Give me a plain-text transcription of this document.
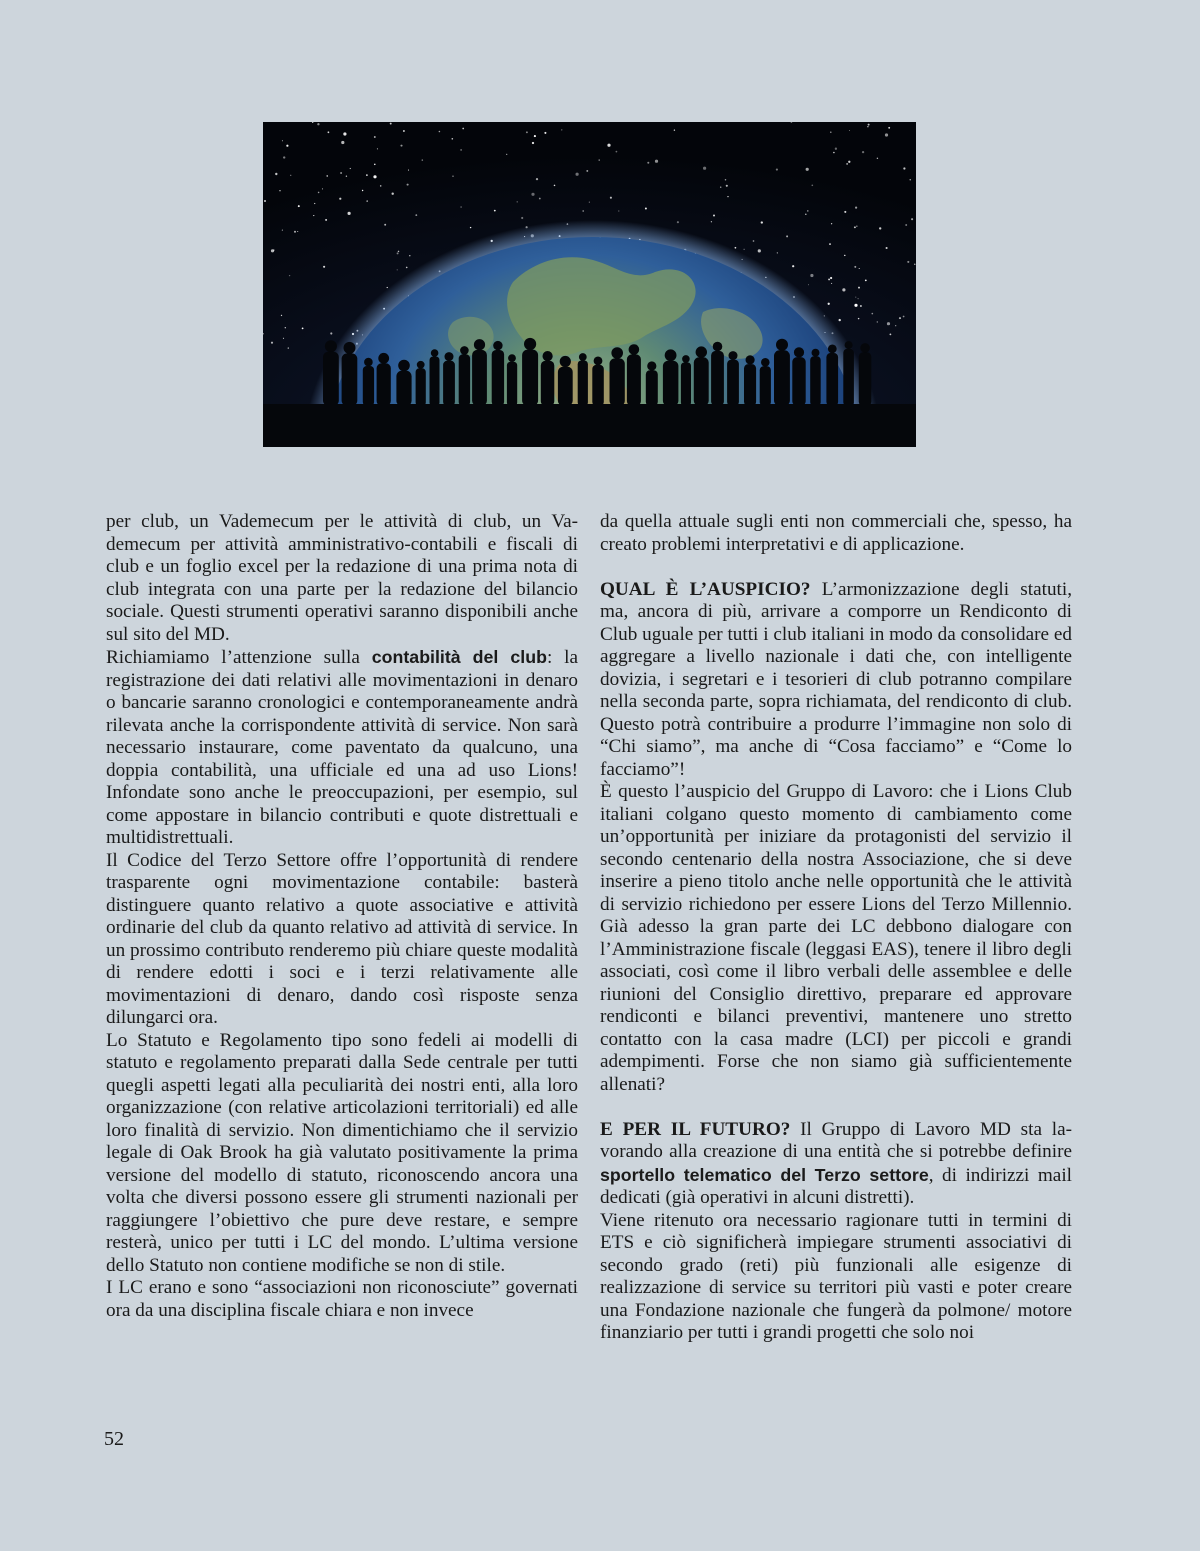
per club, un Vademecum per le attività di club, un Vademecum per attività amministrativo-contabili e fiscali di club e un foglio excel per la redazione di una prima nota di club integrata con una parte per la redazione del bilancio sociale. Questi strumenti operativi saranno disponibili anche sul sito del MD.

Richiamiamo l’attenzione sulla contabilità del club: la registrazione dei dati relativi alle movimentazioni in denaro o bancarie saranno cronologici e contemporaneamente andrà rilevata anche la corrispondente attività di service. Non sarà necessario instaurare, come paventato da qualcuno, una doppia contabilità, una ufficiale ed una ad uso Lions! Infondate sono anche le preoccupazioni, per esempio, sul come appostare in bilancio contributi e quote distrettuali e multidistrettuali.

Il Codice del Terzo Settore offre l’opportunità di rendere trasparente ogni movimentazione contabile: basterà distinguere quanto relativo a quote associative e attività ordinarie del club da quanto relativo ad attività di service. In un prossimo contributo renderemo più chiare queste modalità di rendere edotti i soci e i terzi relativamente alle movimentazioni di denaro, dando così risposte senza dilungarci ora.

Lo Statuto e Regolamento tipo sono fedeli ai modelli di statuto e regolamento preparati dalla Sede centrale per tutti quegli aspetti legati alla peculiarità dei nostri enti, alla loro organizzazione (con relative articolazioni territoriali) ed alle loro finalità di servizio. Non dimentichiamo che il servizio legale di Oak Brook ha già valutato positivamente la prima versione del modello di statuto, riconoscendo ancora una volta che diversi possono essere gli strumenti nazionali per raggiungere l’obiettivo che pure deve restare, e sempre resterà, unico per tutti i LC del mondo. L’ultima versione dello Statuto non contiene modifiche se non di stile.

I LC erano e sono “associazioni non riconosciute” governati ora da una disciplina fiscale chiara e non invece

da quella attuale sugli enti non commerciali che, spesso, ha creato problemi interpretativi e di applicazione.

QUAL È L’AUSPICIO? L’armonizzazione degli statuti, ma, ancora di più, arrivare a comporre un Rendiconto di Club uguale per tutti i club italiani in modo da consolidare ed aggregare a livello nazionale i dati che, con intelligente dovizia, i segretari e i tesorieri di club potranno compilare nella seconda parte, sopra richiamata, del rendiconto di club. Questo potrà contribuire a produrre l’immagine non solo di “Chi siamo”, ma anche di “Cosa facciamo” e “Come lo facciamo”!

È questo l’auspicio del Gruppo di Lavoro: che i Lions Club italiani colgano questo momento di cambiamento come un’opportunità per iniziare da protagonisti del servizio il secondo centenario della nostra Associazione, che si deve inserire a pieno titolo anche nelle opportunità che le attività di servizio richiedono per essere Lions del Terzo Millennio. Già adesso la gran parte dei LC debbono dialogare con l’Amministrazione fiscale (leggasi EAS), tenere il libro degli associati, così come il libro verbali delle assemblee e delle riunioni del Consiglio direttivo, preparare ed approvare rendiconti e bilanci preventivi, mantenere uno stretto contatto con la casa madre (LCI) per piccoli e grandi adempimenti. Forse che non siamo già sufficientemente allenati?

E PER IL FUTURO? Il Gruppo di Lavoro MD sta lavorando alla creazione di una entità che si potrebbe definire sportello telematico del Terzo settore, di indirizzi mail dedicati (già operativi in alcuni distretti).

Viene ritenuto ora necessario ragionare tutti in termini di ETS e ciò significherà impiegare strumenti associativi di secondo grado (reti) più funzionali alle esigenze di realizzazione di service su territori più vasti e poter creare una Fondazione nazionale che fungerà da polmone/ motore finanziario per tutti i grandi progetti che solo noi

52
